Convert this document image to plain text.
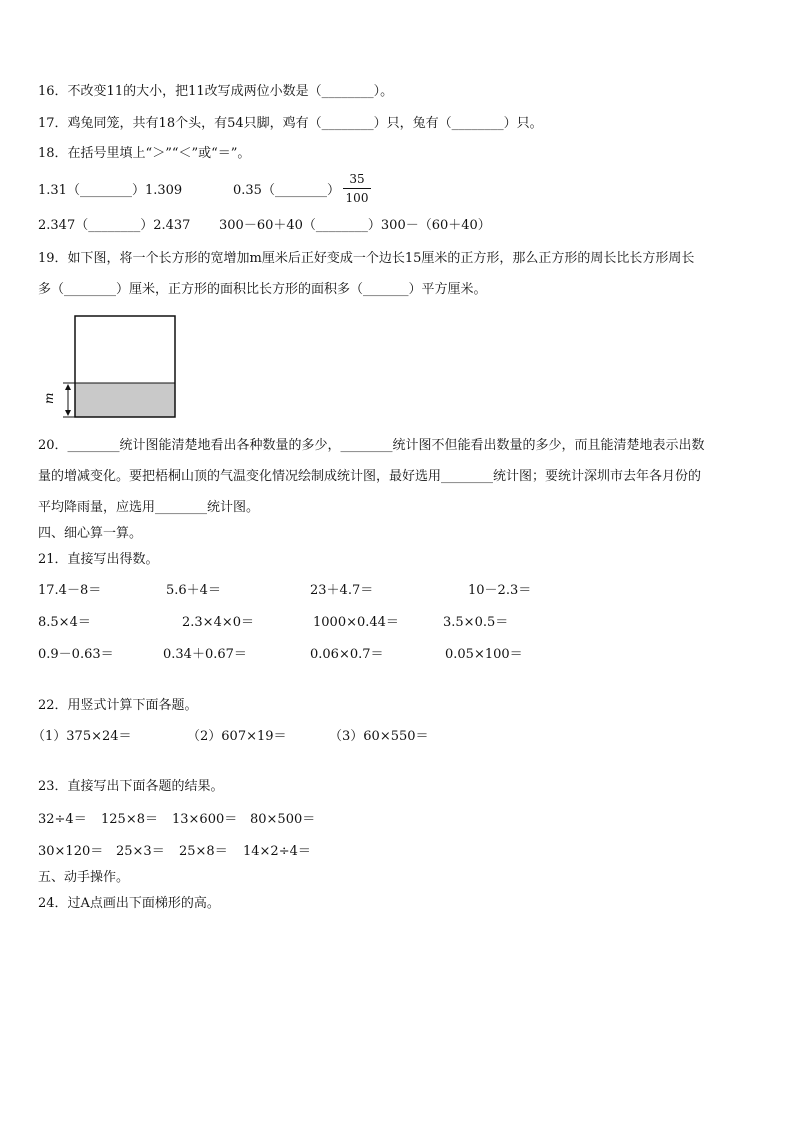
16．不改变11的大小，把11改写成两位小数是（________）。
17．鸡兔同笼，共有18个头，有54只脚，鸡有（________）只，兔有（________）只。
18．在括号里填上“＞”“＜”或“＝”。
1.31（________）1.309	0.35（________） $\frac{35}{100}$
2.347（________）2.437 300－60＋40（________）300－（60＋40）
19．如下图，将一个长方形的宽增加m厘米后正好变成一个边长15厘米的正方形，那么正方形的周长比长方形周长
多（________）厘米，正方形的面积比长方形的面积多（_______）平方厘米。
m
20．________统计图能清楚地看出各种数量的多少，________统计图不但能看出数量的多少，而且能清楚地表示出数
量的增减变化。要把梧桐山顶的气温变化情况绘制成统计图，最好选用________统计图；要统计深圳市去年各月份的
平均降雨量，应选用________统计图。
四、细心算一算。
21．直接写出得数。
17.4－8＝	5.6＋4＝	23＋4.7＝	10－2.3＝
8.5×4＝	2.3×4×0＝	1000×0.44＝	3.5×0.5＝
0.9－0.63＝	0.34＋0.67＝	0.06×0.7＝	0.05×100＝
22．用竖式计算下面各题。
（1）375×24＝	（2）607×19＝	（3）60×550＝
23．直接写出下面各题的结果。
32÷4＝ 125×8＝ 13×600＝ 80×500＝
30×120＝ 25×3＝ 25×8＝ 14×2÷4＝
五、动手操作。
24．过A点画出下面梯形的高。
